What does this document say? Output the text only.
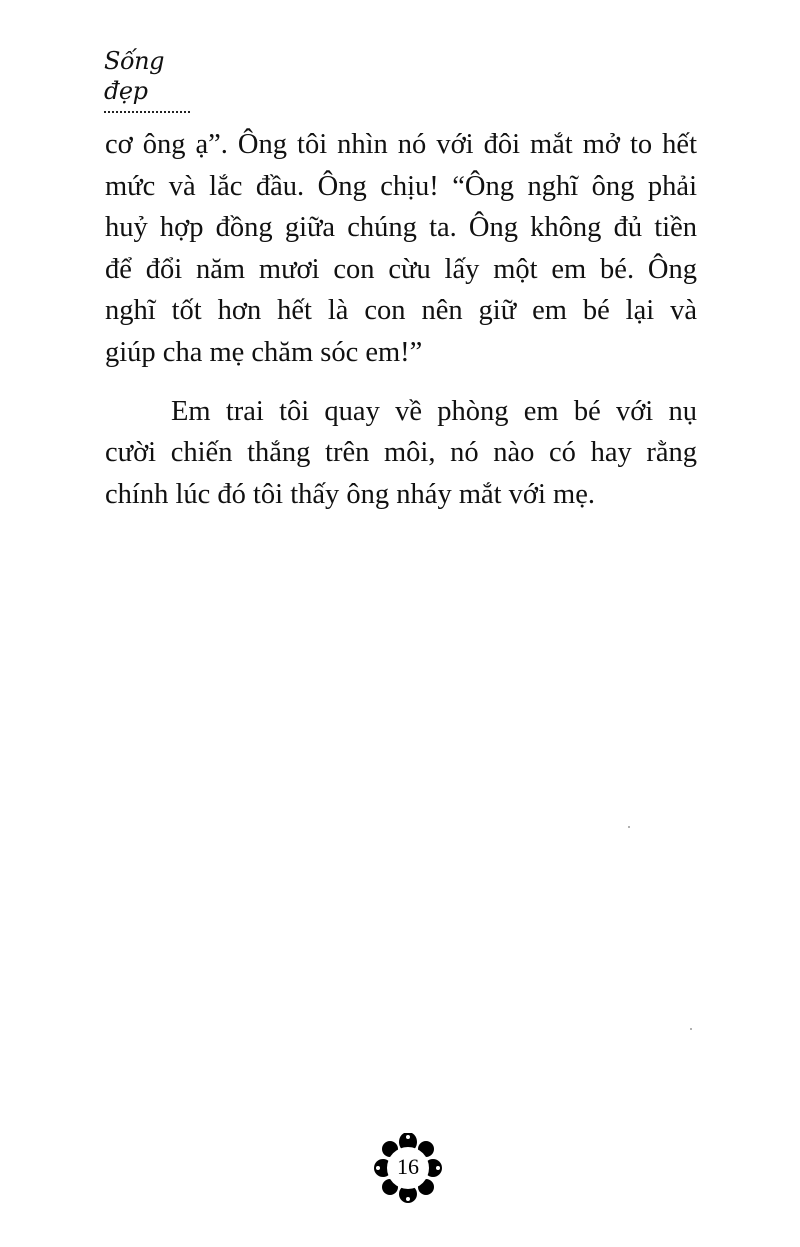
Sống đẹp

cơ ông ạ”. Ông tôi nhìn nó với đôi mắt mở to hết
mức và lắc đầu. Ông chịu! “Ông nghĩ ông phải
huỷ hợp đồng giữa chúng ta. Ông không đủ tiền
để đổi năm mươi con cừu lấy một em bé. Ông
nghĩ tốt hơn hết là con nên giữ em bé lại và
giúp cha mẹ chăm sóc em!”

Em trai tôi quay về phòng em bé với nụ
cười chiến thắng trên môi, nó nào có hay rằng
chính lúc đó tôi thấy ông nháy mắt với mẹ.

16
